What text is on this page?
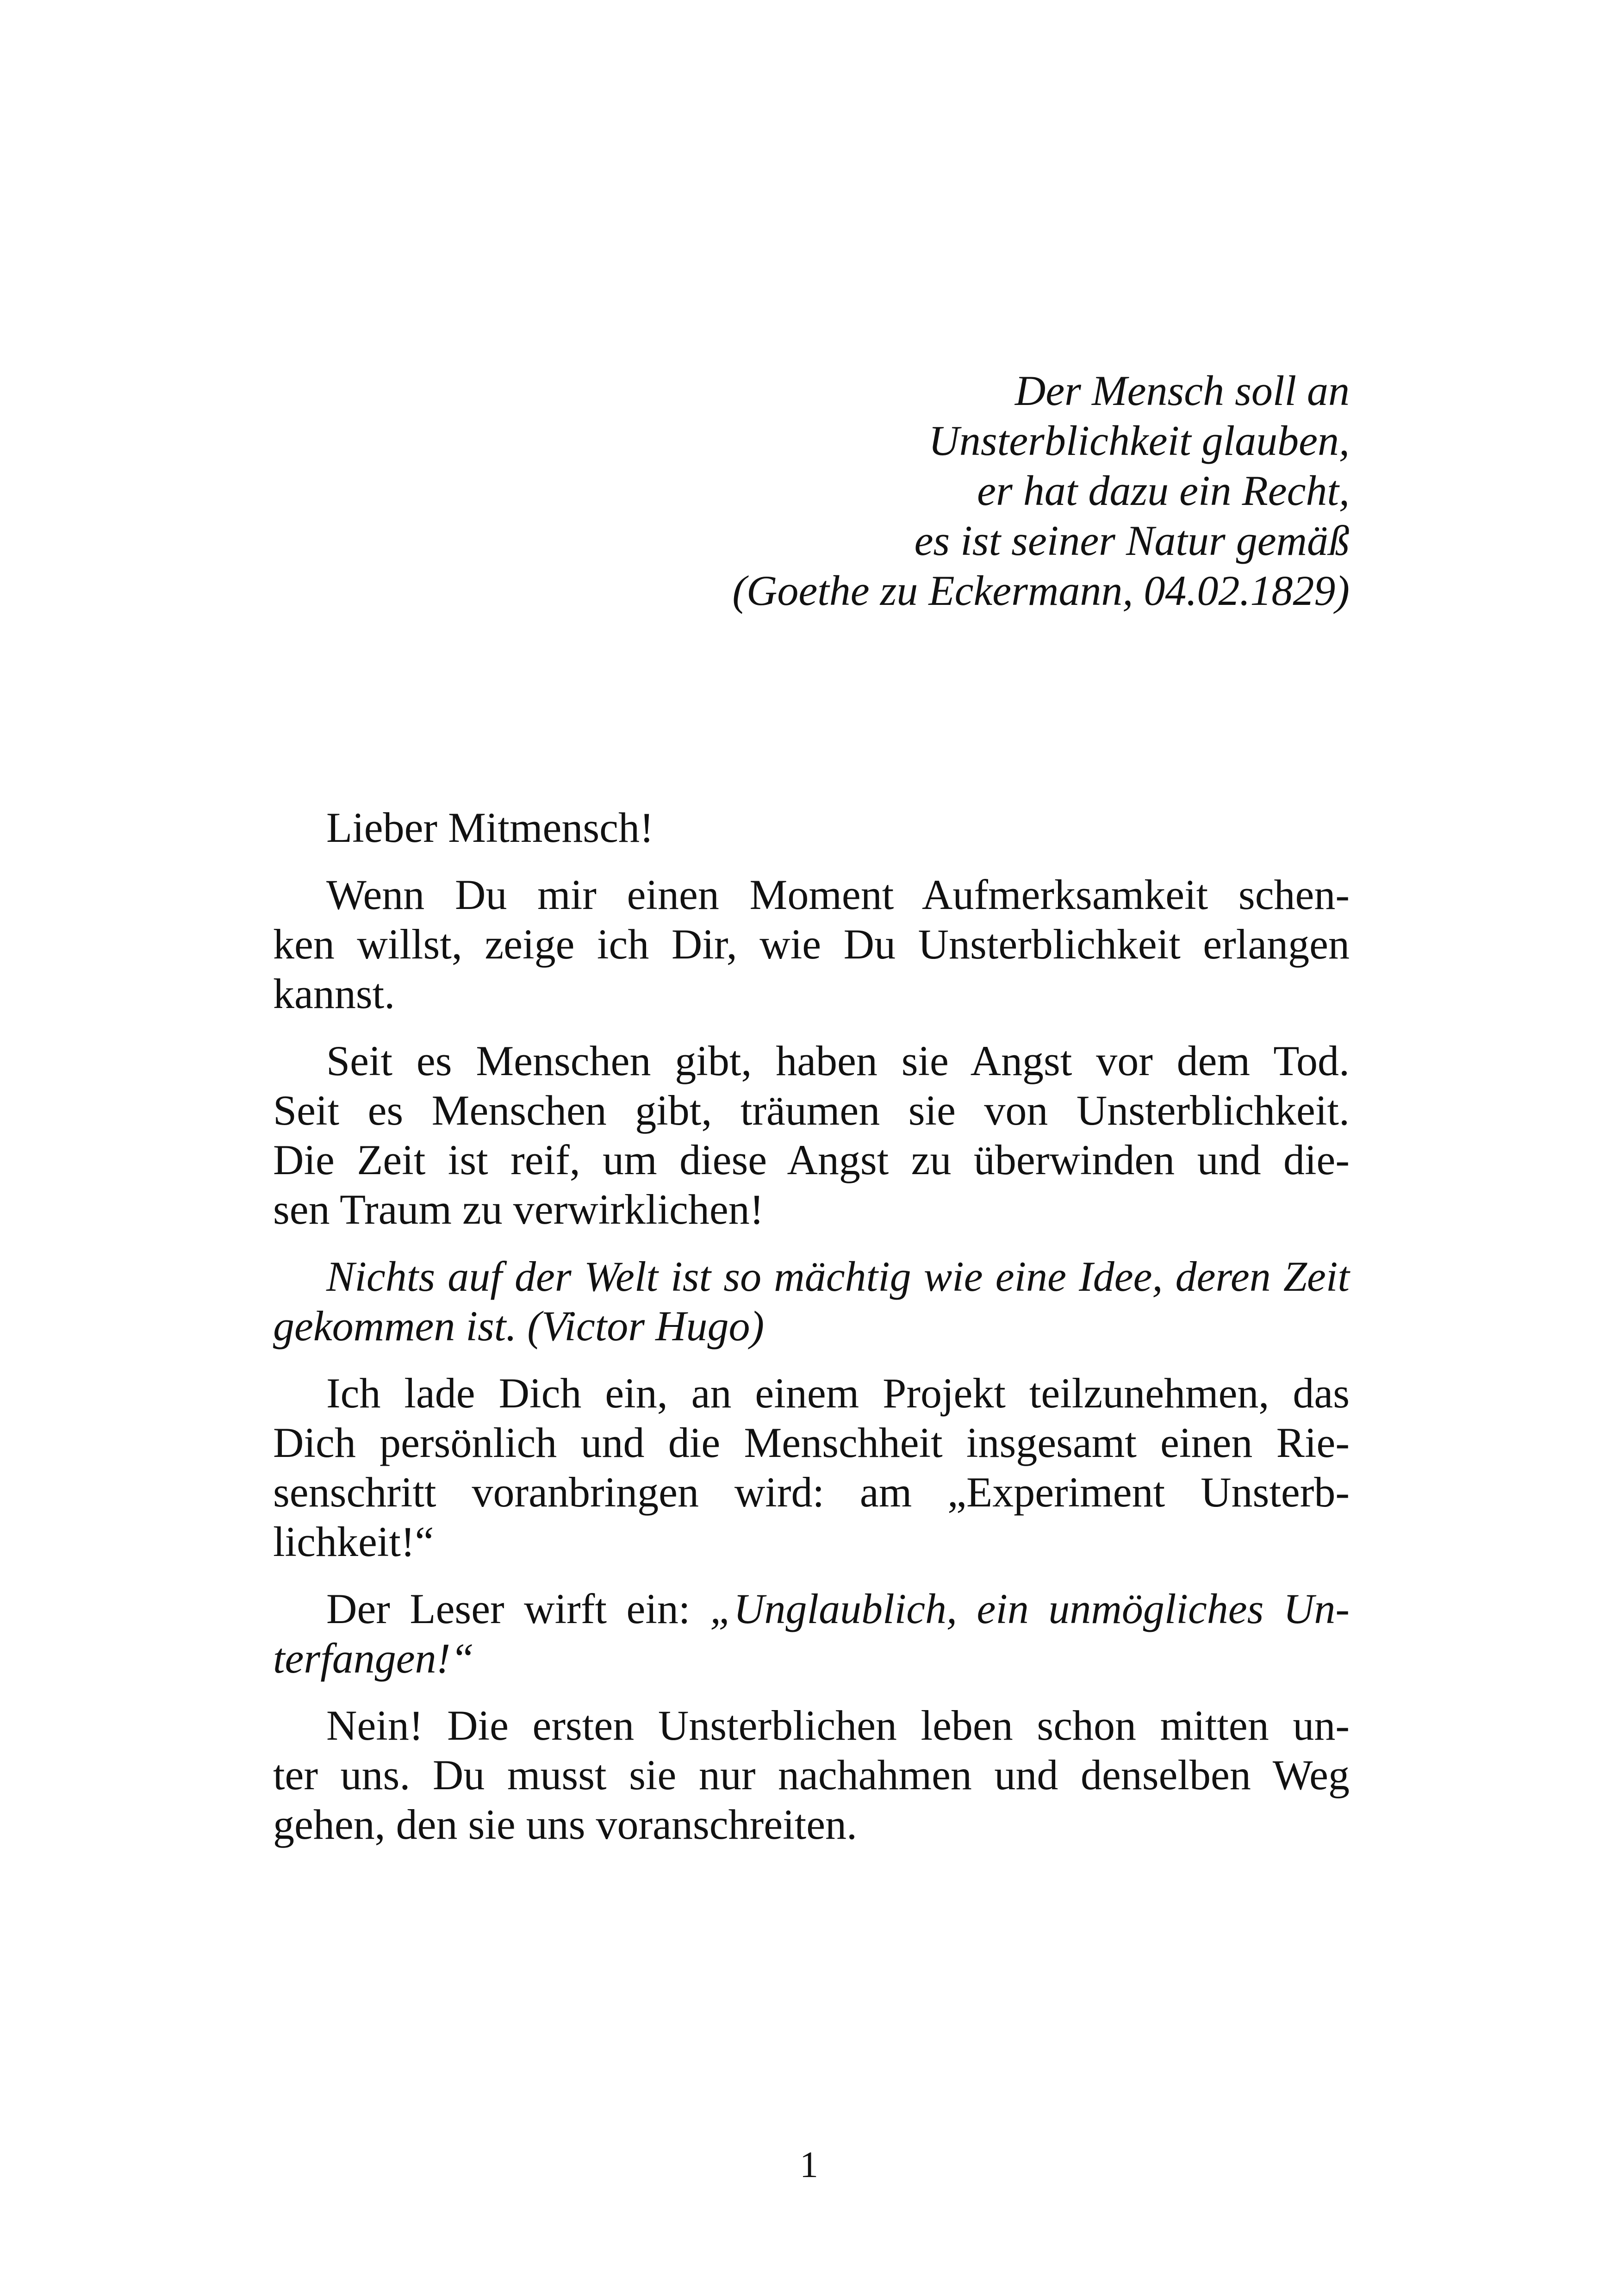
Der Mensch soll an
Unsterblichkeit glauben,
er hat dazu ein Recht,
es ist seiner Natur gemäß
(Goethe zu Eckermann, 04.02.1829)

Lieber Mitmensch!

Wenn Du mir einen Moment Aufmerksamkeit schen-
ken willst, zeige ich Dir, wie Du Unsterblichkeit erlangen
kannst.

Seit es Menschen gibt, haben sie Angst vor dem Tod.
Seit es Menschen gibt, träumen sie von Unsterblichkeit.
Die Zeit ist reif, um diese Angst zu überwinden und die-
sen Traum zu verwirklichen!

Nichts auf der Welt ist so mächtig wie eine Idee, deren Zeit
gekommen ist. (Victor Hugo)

Ich lade Dich ein, an einem Projekt teilzunehmen, das
Dich persönlich und die Menschheit insgesamt einen Rie-
senschritt voranbringen wird: am „Experiment Unsterb-
lichkeit!“

Der Leser wirft ein: „Unglaublich, ein unmögliches Un-
terfangen!“

Nein! Die ersten Unsterblichen leben schon mitten un-
ter uns. Du musst sie nur nachahmen und denselben Weg
gehen, den sie uns voranschreiten.

1
